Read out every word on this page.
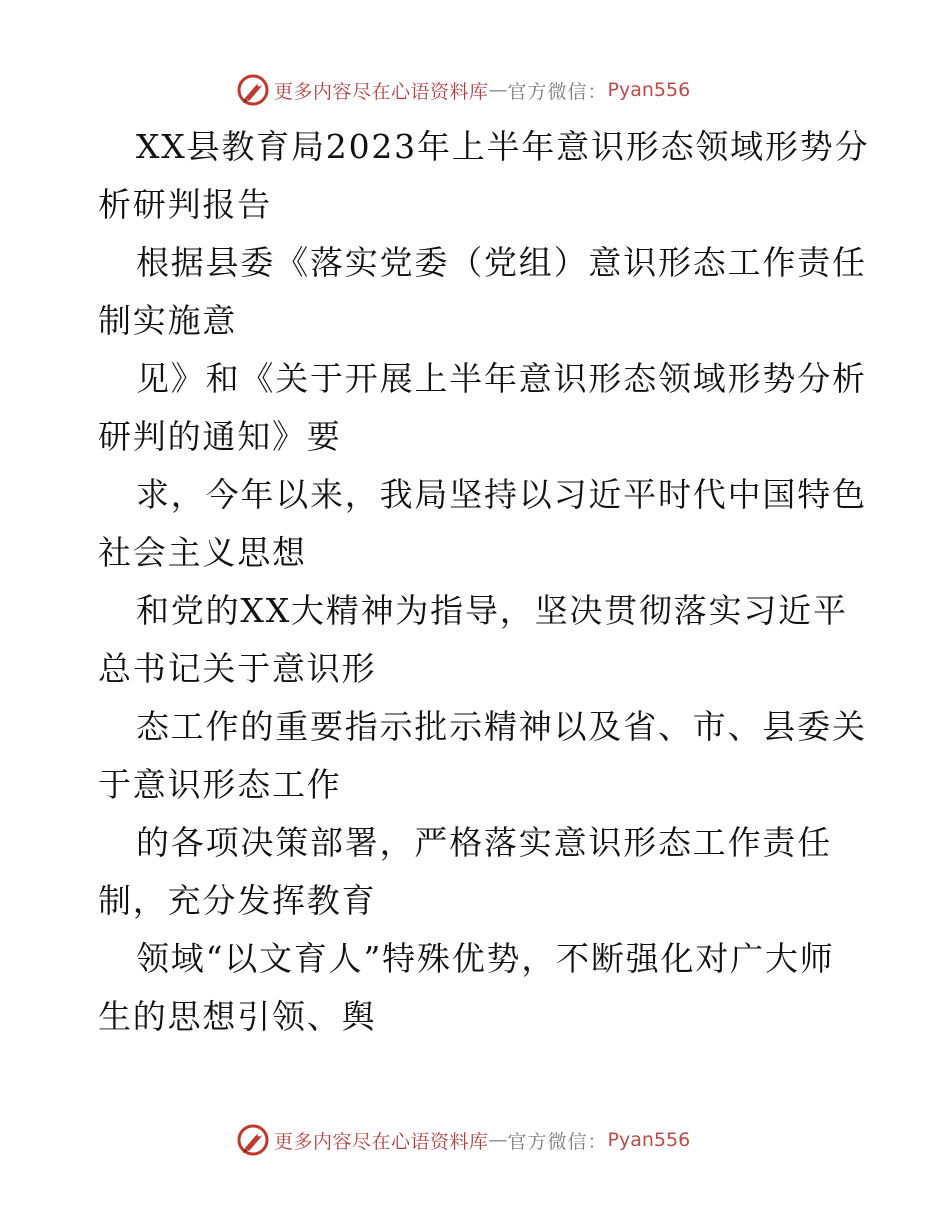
更多内容尽在心语资料库 — 官方微信： Pyan556
XX县教育局2023年上半年意识形态领域形势分
析研判报告
根据县委《落实党委（党组）意识形态工作责任
制实施意
见》和《关于开展上半年意识形态领域形势分析
研判的通知》要
求，今年以来，我局坚持以习近平时代中国特色
社会主义思想
和党的XX大精神为指导，坚决贯彻落实习近平
总书记关于意识形
态工作的重要指示批示精神以及省、市、县委关
于意识形态工作
的各项决策部署，严格落实意识形态工作责任
制，充分发挥教育
领域“以文育人”特殊优势，不断强化对广大师
生的思想引领、舆
更多内容尽在心语资料库 — 官方微信： Pyan556
